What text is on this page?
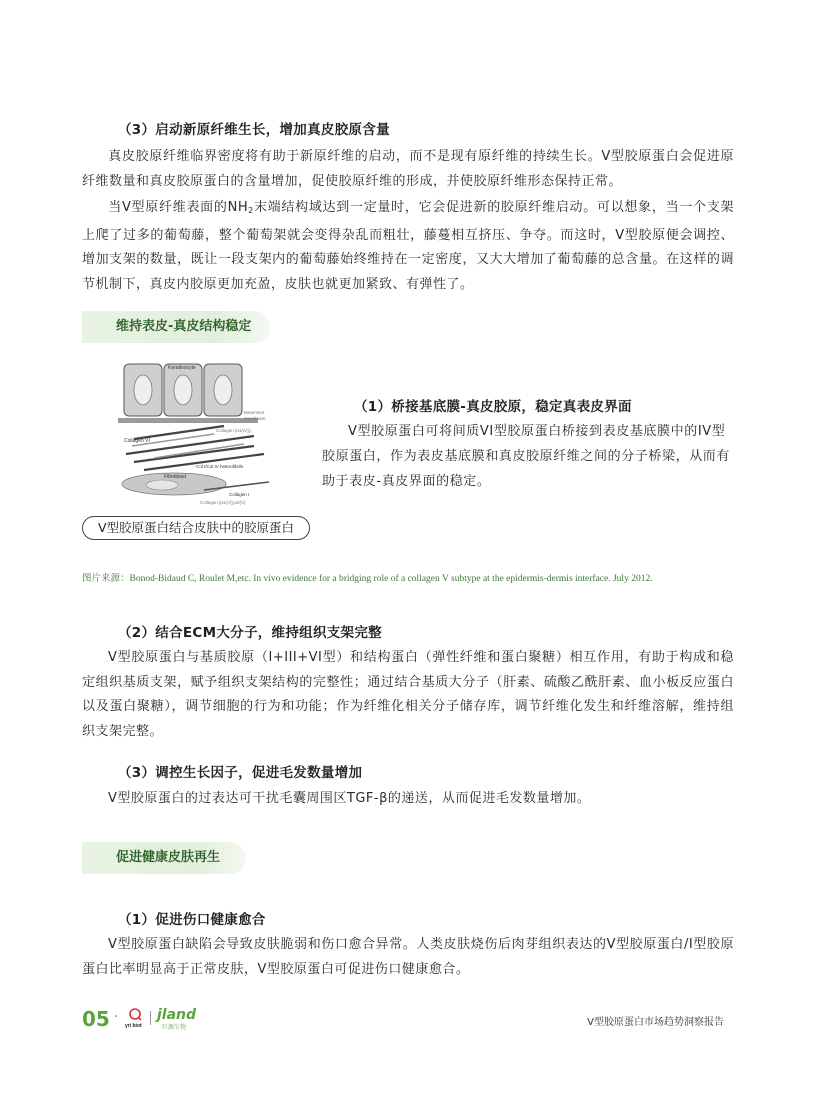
（3）启动新原纤维生长，增加真皮胶原含量

真皮胶原纤维临界密度将有助于新原纤维的启动，而不是现有原纤维的持续生长。V型胶原蛋白会促进原纤维数量和真皮胶原蛋白的含量增加，促使胶原纤维的形成，并使胶原纤维形态保持正常。

当V型原纤维表面的$NH_2$末端结构域达到一定量时，它会促进新的胶原纤维启动。可以想象，当一个支架上爬了过多的葡萄藤，整个葡萄架就会变得杂乱而粗壮，藤蔓相互挤压、争夺。而这时，V型胶原便会调控、增加支架的数量，既让一段支架内的葡萄藤始终维持在一定密度，又大大增加了葡萄藤的总含量。在这样的调节机制下，真皮内胶原更加充盈，皮肤也就更加紧致、有弹性了。

维持表皮-真皮结构稳定
Keratinocyte
Basement
membrane
Collagen [α1(IV)]₃
Collagen VI
Col I/Col IV heterofibrils
Fibroblast
Collagen I
Collagen [α1(V)]₂α2(V)
V型胶原蛋白结合皮肤中的胶原蛋白
图片来源：Bonod-Bidaud C, Roulet M,etc. In vivo evidence for a bridging role of a collagen V subtype at the epidermis-dermis interface. July 2012.
（1）桥接基底膜-真皮胶原，稳定真表皮界面

V型胶原蛋白可将间质VI型胶原蛋白桥接到表皮基底膜中的IV型胶原蛋白，作为表皮基底膜和真皮胶原纤维之间的分子桥梁，从而有助于表皮-真皮界面的稳定。

（2）结合ECM大分子，维持组织支架完整

V型胶原蛋白与基质胶原（I+III+VI型）和结构蛋白（弹性纤维和蛋白聚糖）相互作用，有助于构成和稳定组织基质支架，赋予组织支架结构的完整性；通过结合基质大分子（肝素、硫酸乙酰肝素、血小板反应蛋白以及蛋白聚糖），调节细胞的行为和功能；作为纤维化相关分子储存库，调节纤维化发生和纤维溶解，维持组织支架完整。

（3）调控生长因子，促进毛发数量增加

V型胶原蛋白的过表达可干扰毛囊周围区TGF-β的递送，从而促进毛发数量增加。

促进健康皮肤再生
（1）促进伤口健康愈合

V型胶原蛋白缺陷会导致皮肤脆弱和伤口愈合异常。人类皮肤烧伤后肉芽组织表达的V型胶原蛋白/I型胶原蛋白比率明显高于正常皮肤，V型胶原蛋白可促进伤口健康愈合。

05 ·
yri biot
jland
巨源生物	V型胶原蛋白市场趋势洞察报告
